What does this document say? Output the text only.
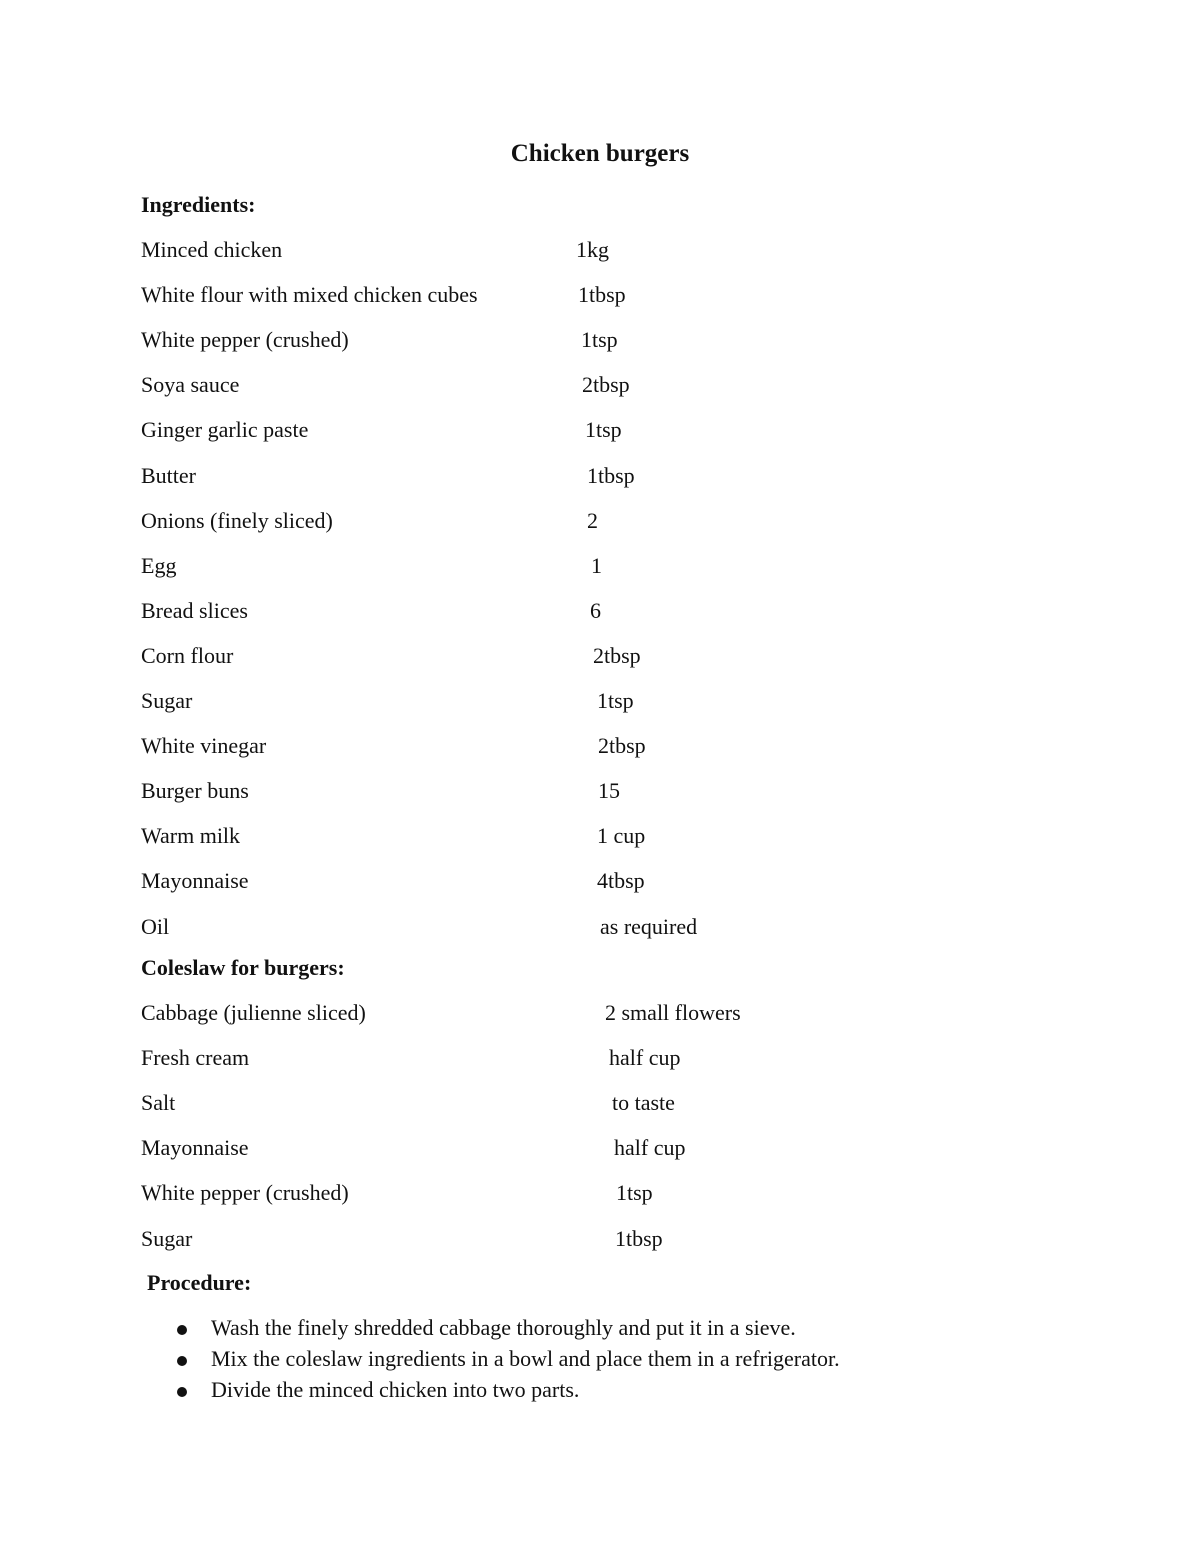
Chicken burgers
Ingredients:
Minced chicken	1kg
White flour with mixed chicken cubes	1tbsp
White pepper (crushed)	1tsp
Soya sauce	2tbsp
Ginger garlic paste	1tsp
Butter	1tbsp
Onions (finely sliced)	2
Egg	1
Bread slices	6
Corn flour	2tbsp
Sugar	1tsp
White vinegar	2tbsp
Burger buns	15
Warm milk	1 cup
Mayonnaise	4tbsp
Oil	as required
Coleslaw for burgers:
Cabbage (julienne sliced)	2 small flowers
Fresh cream	half cup
Salt	to taste
Mayonnaise	half cup
White pepper (crushed)	1tsp
Sugar	1tbsp
Procedure:
Wash the finely shredded cabbage thoroughly and put it in a sieve.
Mix the coleslaw ingredients in a bowl and place them in a refrigerator.
Divide the minced chicken into two parts.
